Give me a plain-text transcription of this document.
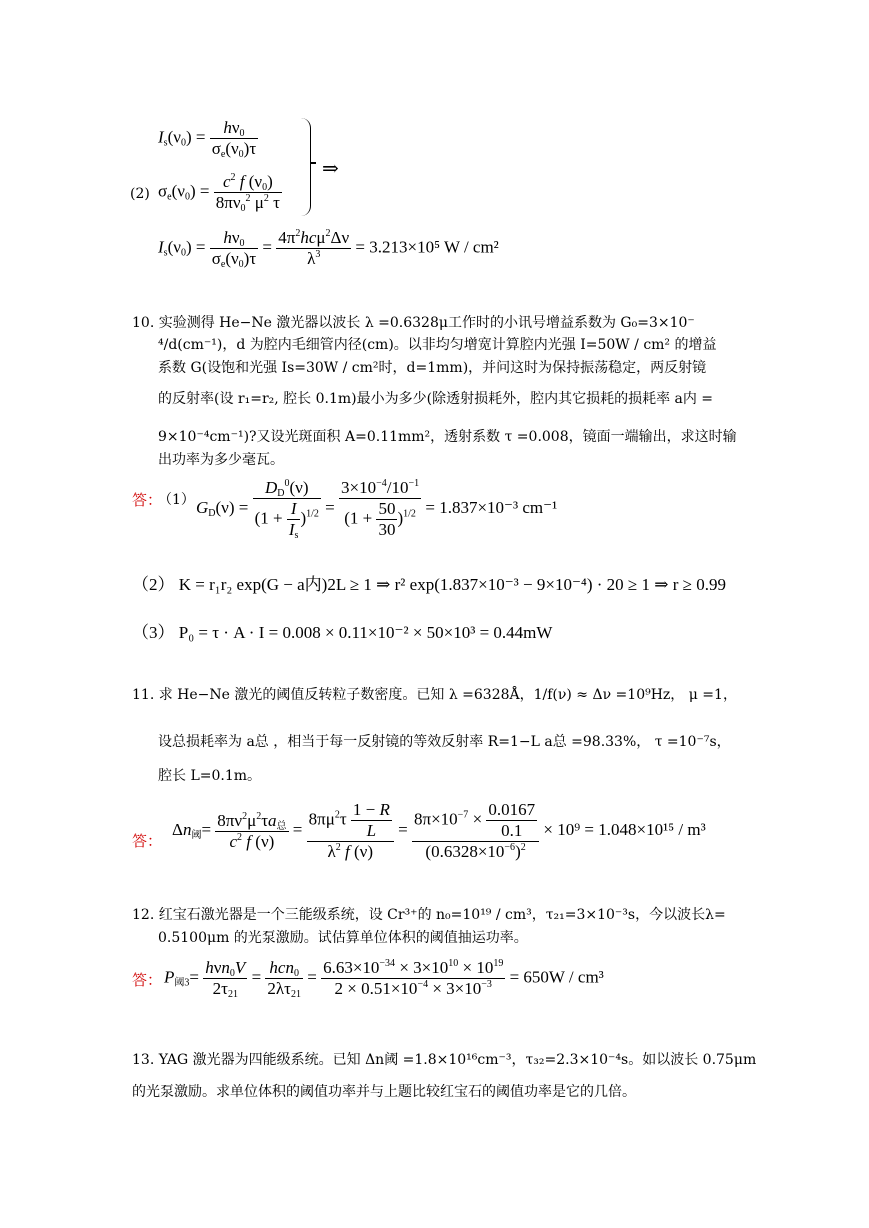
$I_s(\nu_0) = \frac{h\nu_0}{\sigma_e(\nu_0)\tau}$
(2) $\sigma_e(\nu_0) = \frac{c^2 f (\nu_0)}{8\pi\nu_0^2 \mu^2 \tau}$
⇒
$I_s(\nu_0) = \frac{h\nu_0}{\sigma_e(\nu_0)\tau} = \frac{4\pi^2hc\mu^2\Delta\nu}{\lambda^3} = 3.213\times 10^5$ W / cm²
10. 实验测得 He−Ne 激光器以波长 λ =0.6328μ工作时的小讯号增益系数为 G₀=3×10⁻
⁴/d(cm⁻¹)，d 为腔内毛细管内径(cm)。以非均匀增宽计算腔内光强 I=50W / cm² 的增益
系数 G(设饱和光强 Is=30W / cm²时，d=1mm)，并问这时为保持振荡稳定，两反射镜
的反射率(设 r₁=r₂, 腔长 0.1m)最小为多少(除透射损耗外，腔内其它损耗的损耗率 a内 =
9×10⁻⁴cm⁻¹)?又设光斑面积 A=0.11mm²，透射系数 τ =0.008，镜面一端输出，求这时输
出功率为多少毫瓦。
答：
（1） $G_D(\nu) = \frac{D_D^0(\nu)}{(1 + \frac{I}{I_s} )^{1/2}} = \frac{3\times 10^{-4}/10^{-1}}{(1 + \frac{50}{30} )^{1/2}} = 1.837\times 10^{-3}$ cm⁻¹
（2） K = r₁r₂ exp(G − a内)2L ≥ 1 ⇒ r² exp(1.837×10⁻³ − 9×10⁻⁴) · 20 ≥ 1 ⇒ r ≥ 0.99
（3） P₀ = τ · A · I = 0.008 × 0.11×10⁻² × 50×10³ = 0.44mW
11. 求 He−Ne 激光的阈值反转粒子数密度。已知 λ =6328Å，1/f(ν) ≈ Δν =10⁹Hz， μ =1，
设总损耗率为 a总 ，相当于每一反射镜的等效反射率 R=1−L a总 =98.33%， τ =10⁻⁷s，
腔长 L=0.1m。
答：
$\Delta n_阈= \frac{8\pi\nu^2\mu^2\tau a_总}{c^2 f (\nu)} = \frac{8\pi\mu^2\tau \frac{1 - R}{L}}{\lambda^2 f (\nu)} = \frac{8\pi\times 10^{-7} \times \frac{0.0167}{0.1}}{(0.6328\times 10^{-6})^2} \times 10^9 = 1.048\times 10^{15} / m^3$
12. 红宝石激光器是一个三能级系统，设 Cr³⁺的 n₀=10¹⁹ / cm³，τ₂₁=3×10⁻³s，今以波长λ=
0.5100μm 的光泵激励。试估算单位体积的阈值抽运功率。
答： $P_{阈3}= \frac{h\nu n_0V}{2\tau_{21}} = \frac{hcn_0}{2\lambda\tau_{21}} = \frac{6.63\times 10^{-34} \times 3\times 10^{10} \times 10^{19}}{2 \times 0.51\times 10^{-4} \times 3\times 10^{-3}} = 650W / cm^3$
13. YAG 激光器为四能级系统。已知 Δn阈 =1.8×10¹⁶cm⁻³，τ₃₂=2.3×10⁻⁴s。如以波长 0.75μm
的光泵激励。求单位体积的阈值功率并与上题比较红宝石的阈值功率是它的几倍。
